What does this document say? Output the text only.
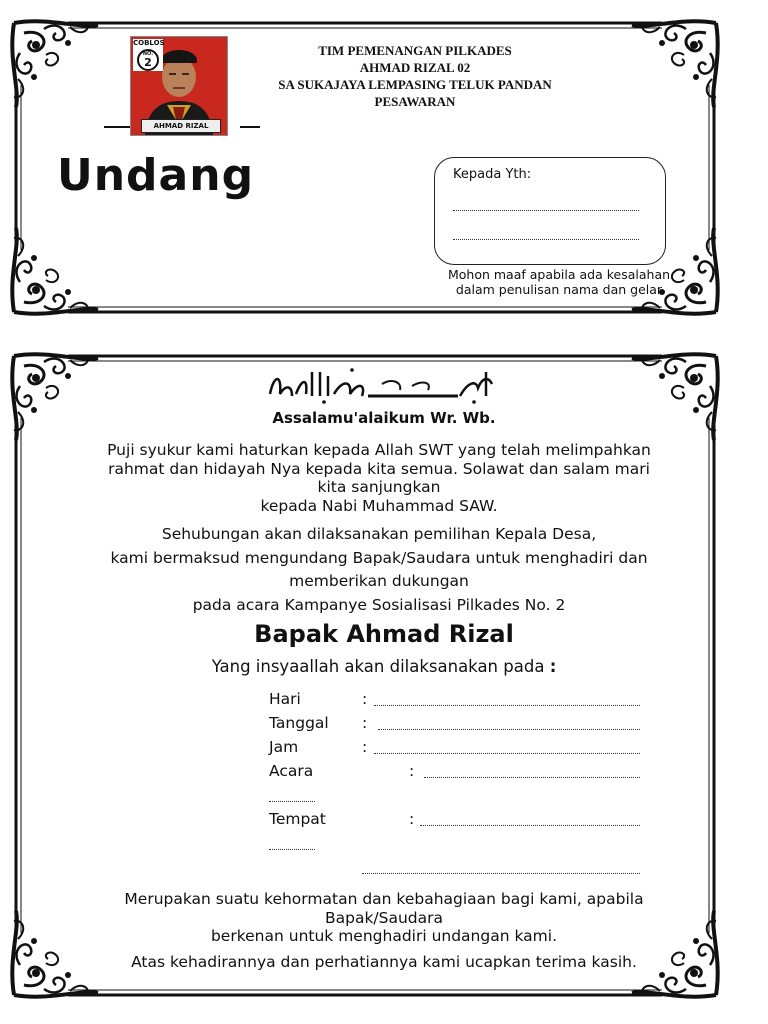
COBLOS
NO.
2
AHMAD RIZAL
TIM PEMENANGAN PILKADES
AHMAD RIZAL 02
SA SUKAJAYA LEMPASING TELUK PANDAN
PESAWARAN
Undang	Kepada Yth:
Mohon maaf apabila ada kesalahan dalam penulisan nama dan gelar
Assalamu'alaikum Wr. Wb.
Puji syukur kami haturkan kepada Allah SWT yang telah melimpahkan
rahmat dan hidayah Nya kepada kita semua. Solawat dan salam mari
kita sanjungkan
kepada Nabi Muhammad SAW.
Sehubungan akan dilaksanakan pemilihan Kepala Desa,
kami bermaksud mengundang Bapak/Saudara untuk menghadiri dan
memberikan dukungan
pada acara Kampanye Sosialisasi Pilkades No. 2
Bapak Ahmad Rizal
Yang insyaallah akan dilaksanakan pada :
Hari	:
Tanggal :
Jam	:
Acara	:
Tempat	:
Merupakan suatu kehormatan dan kebahagiaan bagi kami, apabila
Bapak/Saudara
berkenan untuk menghadiri undangan kami.
Atas kehadirannya dan perhatiannya kami ucapkan terima kasih.
